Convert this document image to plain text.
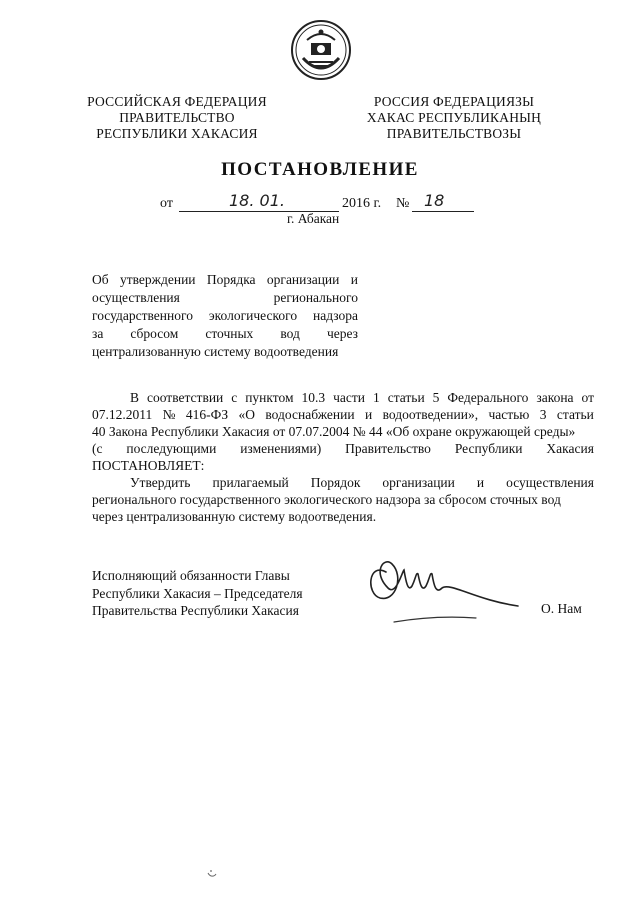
РОССИЙСКАЯ ФЕДЕРАЦИЯ
ПРАВИТЕЛЬСТВО
РЕСПУБЛИКИ ХАКАСИЯ
РОССИЯ ФЕДЕРАЦИЯЗЫ
ХАКАС РЕСПУБЛИКАНЫҢ
ПРАВИТЕЛЬСТВОЗЫ
ПОСТАНОВЛЕНИЕ
от	18. 01.	2016 г. № 18
г. Абакан
Об утверждении Порядка организации и
осуществления	регионального
государственного экологического надзора
за сбросом сточных вод через
централизованную систему водоотведения
В соответствии с пунктом 10.3 части 1 статьи 5 Федерального закона от
07.12.2011 № 416-ФЗ «О водоснабжении и водоотведении», частью 3 статьи
40 Закона Республики Хакасия от 07.07.2004 № 44 «Об охране окружающей среды»
(с последующими изменениями) Правительство Республики Хакасия
ПОСТАНОВЛЯЕТ:
Утвердить прилагаемый Порядок организации и осуществления
регионального государственного экологического надзора за сбросом сточных вод
через централизованную систему водоотведения.
Исполняющий обязанности Главы
Республики Хакасия – Председателя
Правительства Республики Хакасия	О. Нам
